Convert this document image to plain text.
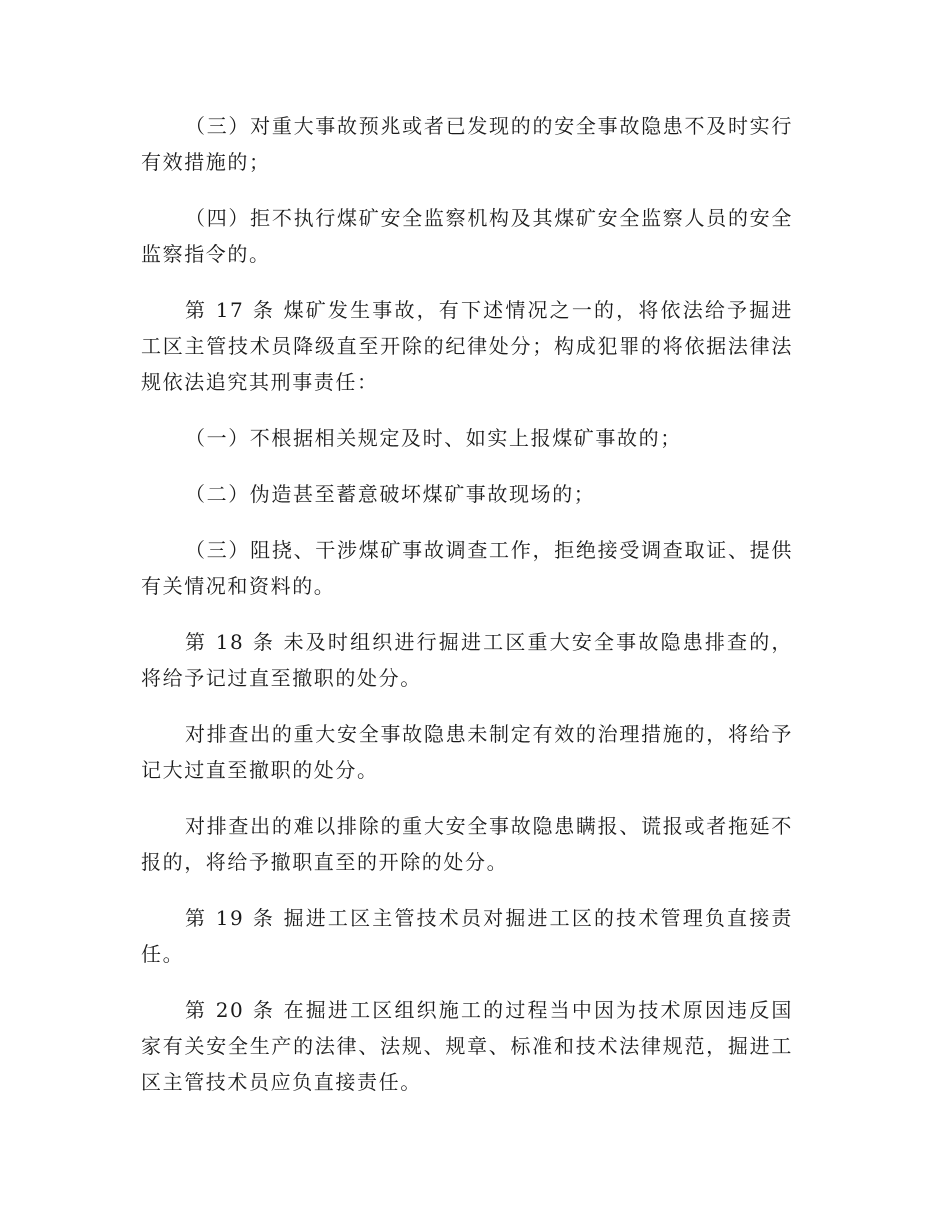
（三）对重大事故预兆或者已发现的的安全事故隐患不及时实行有效措施的；

（四）拒不执行煤矿安全监察机构及其煤矿安全监察人员的安全监察指令的。

第 17 条 煤矿发生事故，有下述情况之一的，将依法给予掘进工区主管技术员降级直至开除的纪律处分；构成犯罪的将依据法律法规依法追究其刑事责任：

（一）不根据相关规定及时、如实上报煤矿事故的；

（二）伪造甚至蓄意破坏煤矿事故现场的；

（三）阻挠、干涉煤矿事故调查工作，拒绝接受调查取证、提供有关情况和资料的。

第 18 条 未及时组织进行掘进工区重大安全事故隐患排查的，将给予记过直至撤职的处分。

对排查出的重大安全事故隐患未制定有效的治理措施的，将给予记大过直至撤职的处分。

对排查出的难以排除的重大安全事故隐患瞒报、谎报或者拖延不报的，将给予撤职直至的开除的处分。

第 19 条 掘进工区主管技术员对掘进工区的技术管理负直接责任。

第 20 条 在掘进工区组织施工的过程当中因为技术原因违反国家有关安全生产的法律、法规、规章、标准和技术法律规范，掘进工区主管技术员应负直接责任。
